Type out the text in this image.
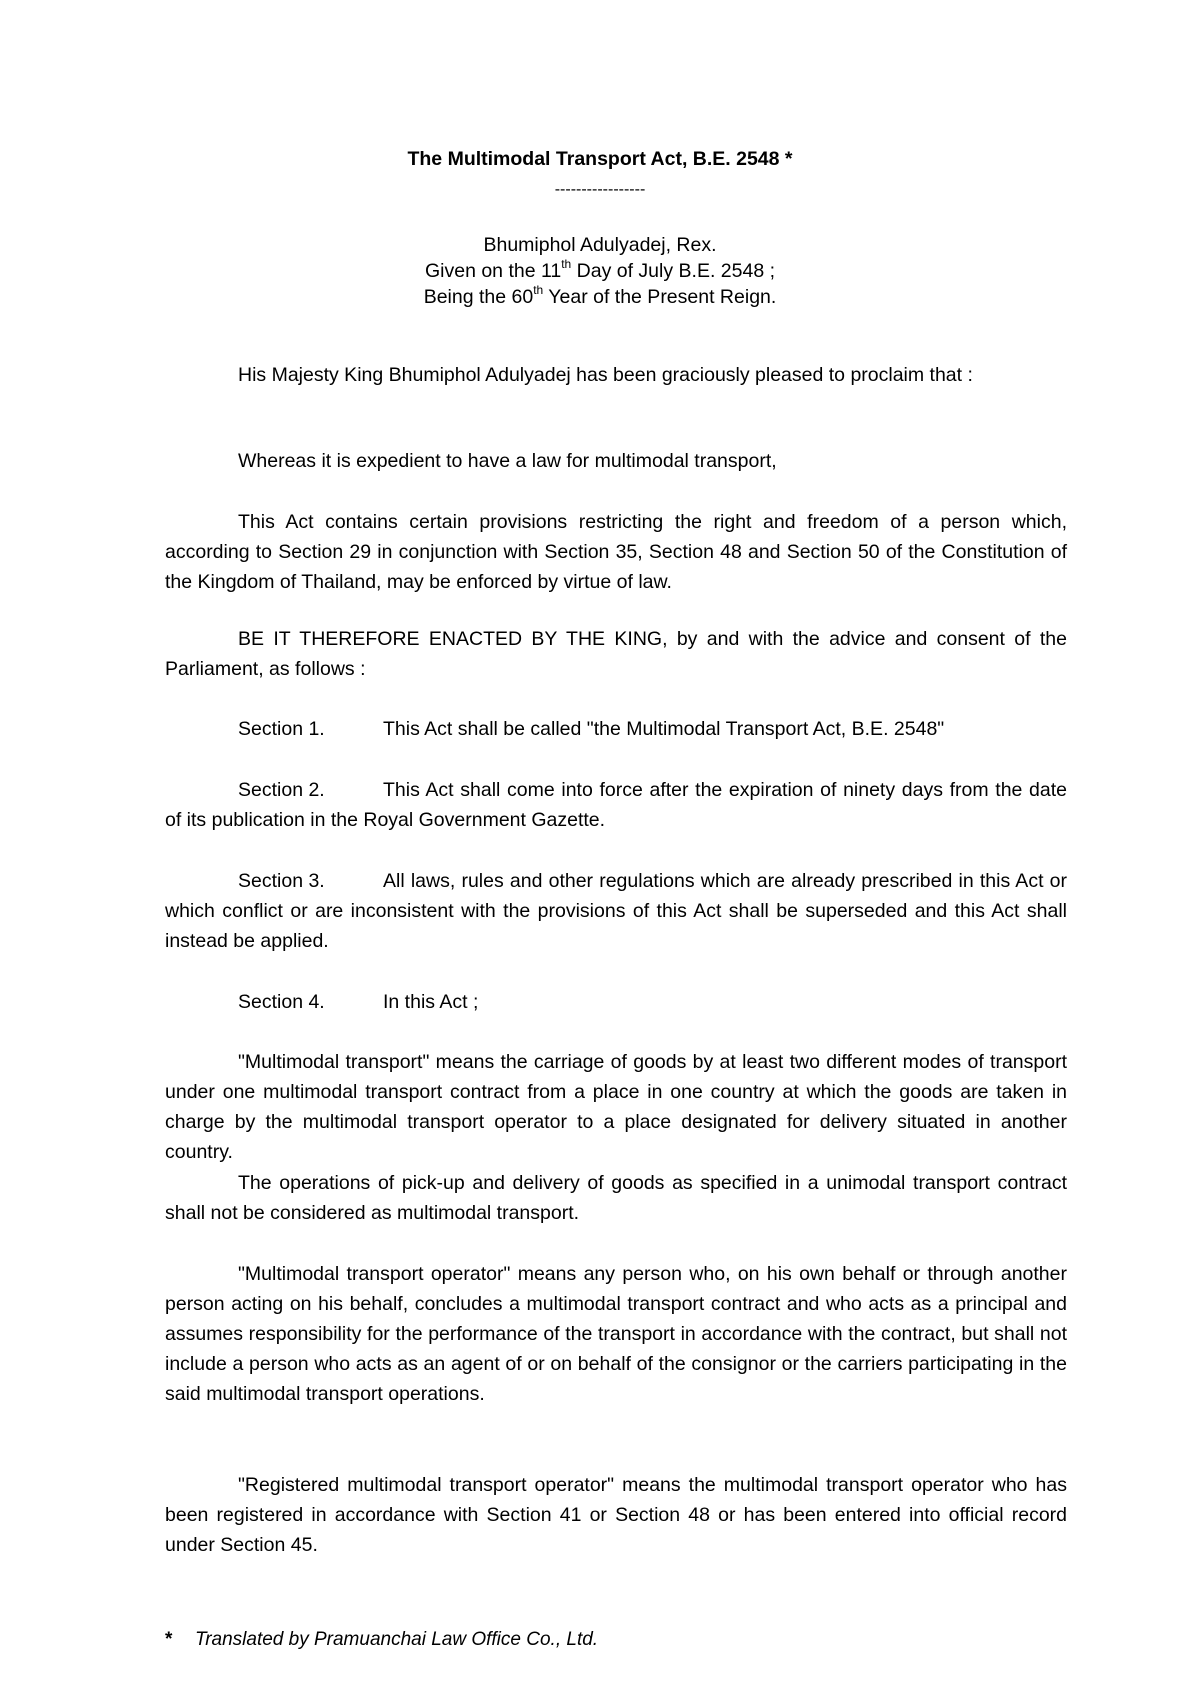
The Multimodal Transport Act, B.E. 2548 *
-----------------
Bhumiphol Adulyadej, Rex.
Given on the 11th Day of July B.E. 2548 ;
Being the 60th Year of the Present Reign.
His Majesty King Bhumiphol Adulyadej has been graciously pleased to proclaim that :
Whereas it is expedient to have a law for multimodal transport,
This Act contains certain provisions restricting the right and freedom of a person which, according to Section 29 in conjunction with Section 35, Section 48 and Section 50 of the Constitution of the Kingdom of Thailand, may be enforced by virtue of law.
BE IT THEREFORE ENACTED BY THE KING, by and with the advice and consent of the Parliament, as follows :
Section 1.	This Act shall be called "the Multimodal Transport Act, B.E. 2548"
Section 2.	This Act shall come into force after the expiration of ninety days from the date of its publication in the Royal Government Gazette.
Section 3.	All laws, rules and other regulations which are already prescribed in this Act or which conflict or are inconsistent with the provisions of this Act shall be superseded and this Act shall instead be applied.
Section 4.	In this Act ;
"Multimodal transport" means the carriage of goods by at least two different modes of transport under one multimodal transport contract from a place in one country at which the goods are taken in charge by the multimodal transport operator to a place designated for delivery situated in another country.
The operations of pick-up and delivery of goods as specified in a unimodal transport contract shall not be considered as multimodal transport.
"Multimodal transport operator" means any person who, on his own behalf or through another person acting on his behalf, concludes a multimodal transport contract and who acts as a principal and assumes responsibility for the performance of the transport in accordance with the contract, but shall not include a person who acts as an agent of or on behalf of the consignor or the carriers participating in the said multimodal transport operations.
"Registered multimodal transport operator" means the multimodal transport operator who has been registered in accordance with Section 41 or Section 48 or has been entered into official record under Section 45.
* Translated by Pramuanchai Law Office Co., Ltd.
